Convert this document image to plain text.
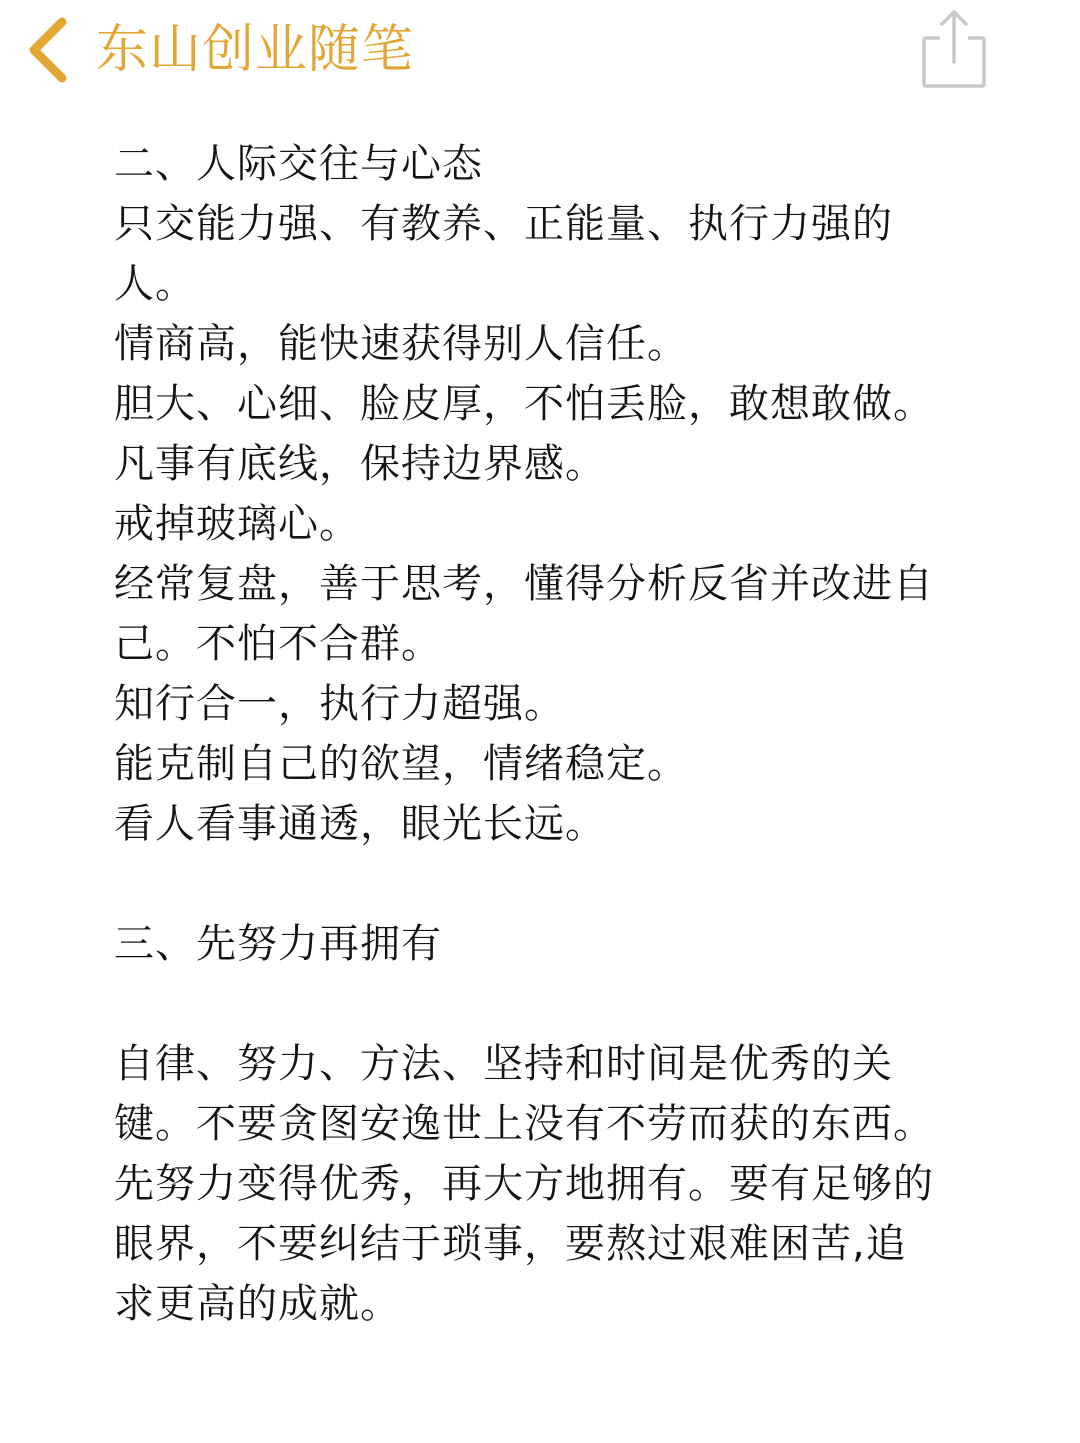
东山创业随笔
二、人际交往与心态
只交能力强、有教养、正能量、执行力强的
人。
情商高，能快速获得别人信任。
胆大、心细、脸皮厚，不怕丢脸，敢想敢做。
凡事有底线，保持边界感。
戒掉玻璃心。
经常复盘，善于思考，懂得分析反省并改进自
己。不怕不合群。
知行合一，执行力超强。
能克制自己的欲望，情绪稳定。
看人看事通透，眼光长远。
三、先努力再拥有
自律、努力、方法、坚持和时间是优秀的关
键。不要贪图安逸世上没有不劳而获的东西。
先努力变得优秀，再大方地拥有。要有足够的
眼界，不要纠结于琐事，要熬过艰难困苦,追
求更高的成就。
